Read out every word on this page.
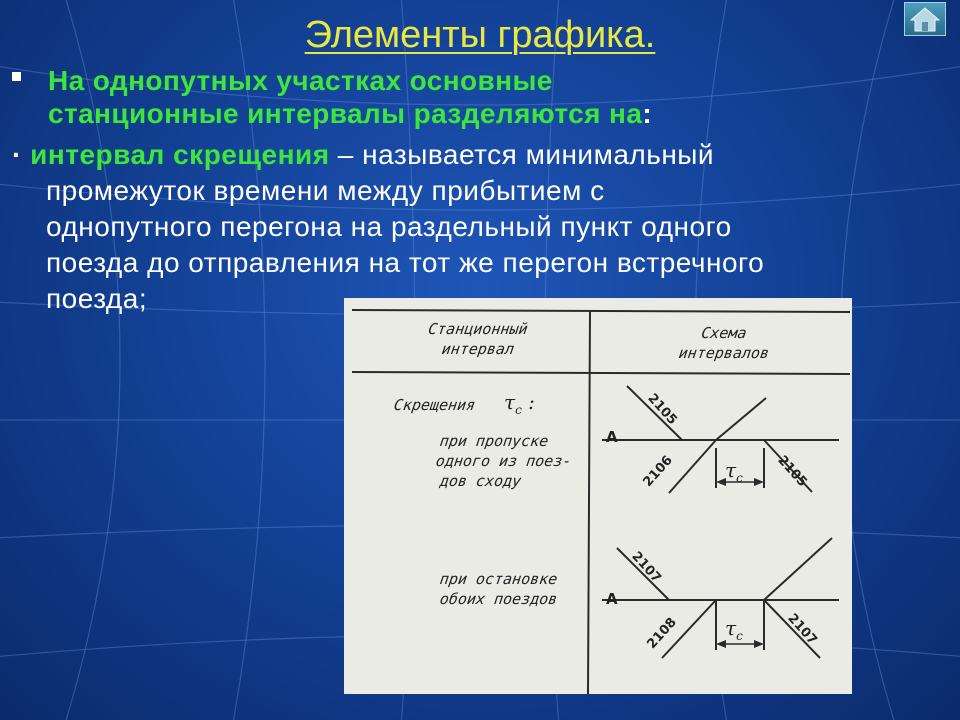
Элементы графика.
На однопутных участках основные
станционные интервалы разделяются на:
· интервал скрещения – называется минимальный
промежуток времени между прибытием с
однопутного перегона на раздельный пункт одного
поезда до отправления на тот же перегон встречного
поезда;
Станционный
интервал
Схема
интервалов
Скрещения $\tau_с$ :
при пропуске
одного из поез-
дов сходу
при остановке
обоих поездов
А
А
2105
2106	2105
$\tau_с$
2107
2108	2107
$\tau_с$
